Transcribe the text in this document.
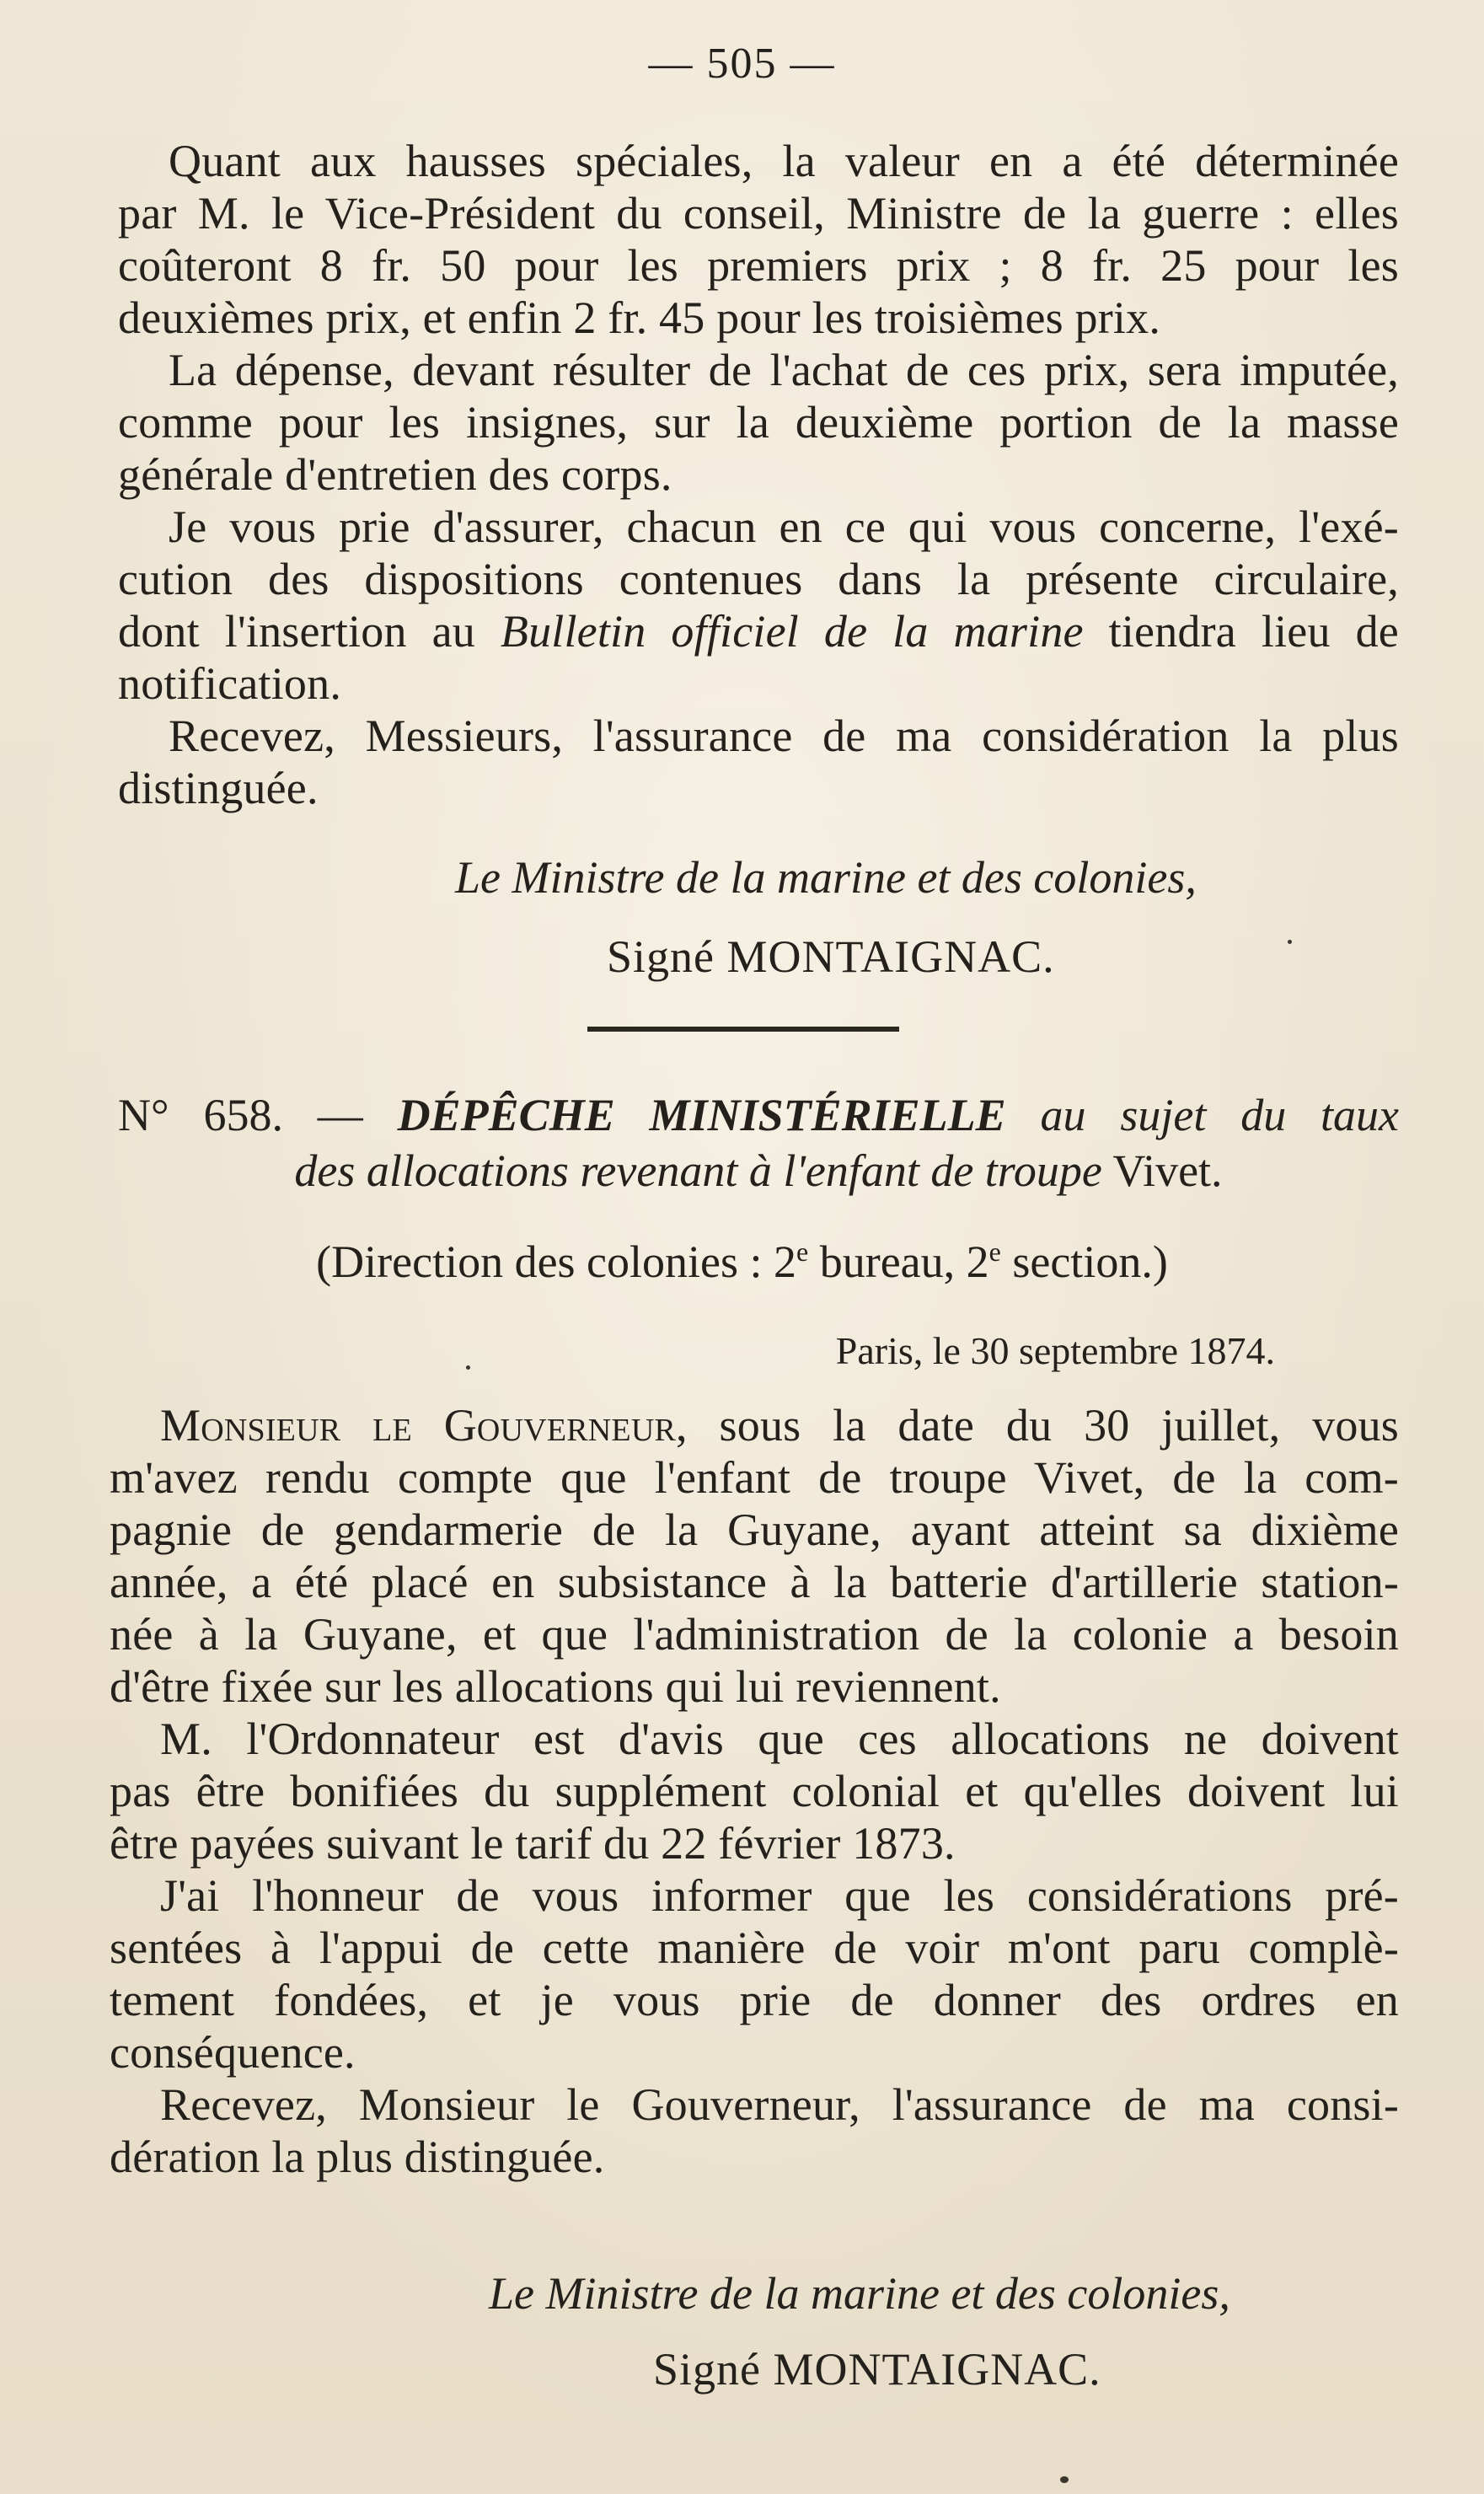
— 505 —
Quant aux hausses spéciales, la valeur en a été déterminée
par M. le Vice-Président du conseil, Ministre de la guerre : elles
coûteront 8 fr. 50 pour les premiers prix ; 8 fr. 25 pour les
deuxièmes prix, et enfin 2 fr. 45 pour les troisièmes prix.
La dépense, devant résulter de l'achat de ces prix, sera imputée,
comme pour les insignes, sur la deuxième portion de la masse
générale d'entretien des corps.
Je vous prie d'assurer, chacun en ce qui vous concerne, l'exé-
cution des dispositions contenues dans la présente circulaire,
dont l'insertion au Bulletin officiel de la marine tiendra lieu de
notification.
Recevez, Messieurs, l'assurance de ma considération la plus
distinguée.
Le Ministre de la marine et des colonies,
Signé MONTAIGNAC.
N° 658. — DÉPÊCHE MINISTÉRIELLE au sujet du taux
des allocations revenant à l'enfant de troupe Vivet.
(Direction des colonies : 2e bureau, 2e section.)
Paris, le 30 septembre 1874.
Monsieur le Gouverneur, sous la date du 30 juillet, vous
m'avez rendu compte que l'enfant de troupe Vivet, de la com-
pagnie de gendarmerie de la Guyane, ayant atteint sa dixième
année, a été placé en subsistance à la batterie d'artillerie station-
née à la Guyane, et que l'administration de la colonie a besoin
d'être fixée sur les allocations qui lui reviennent.
M. l'Ordonnateur est d'avis que ces allocations ne doivent
pas être bonifiées du supplément colonial et qu'elles doivent lui
être payées suivant le tarif du 22 février 1873.
J'ai l'honneur de vous informer que les considérations pré-
sentées à l'appui de cette manière de voir m'ont paru complè-
tement fondées, et je vous prie de donner des ordres en
conséquence.
Recevez, Monsieur le Gouverneur, l'assurance de ma consi-
dération la plus distinguée.
Le Ministre de la marine et des colonies,
Signé MONTAIGNAC.
